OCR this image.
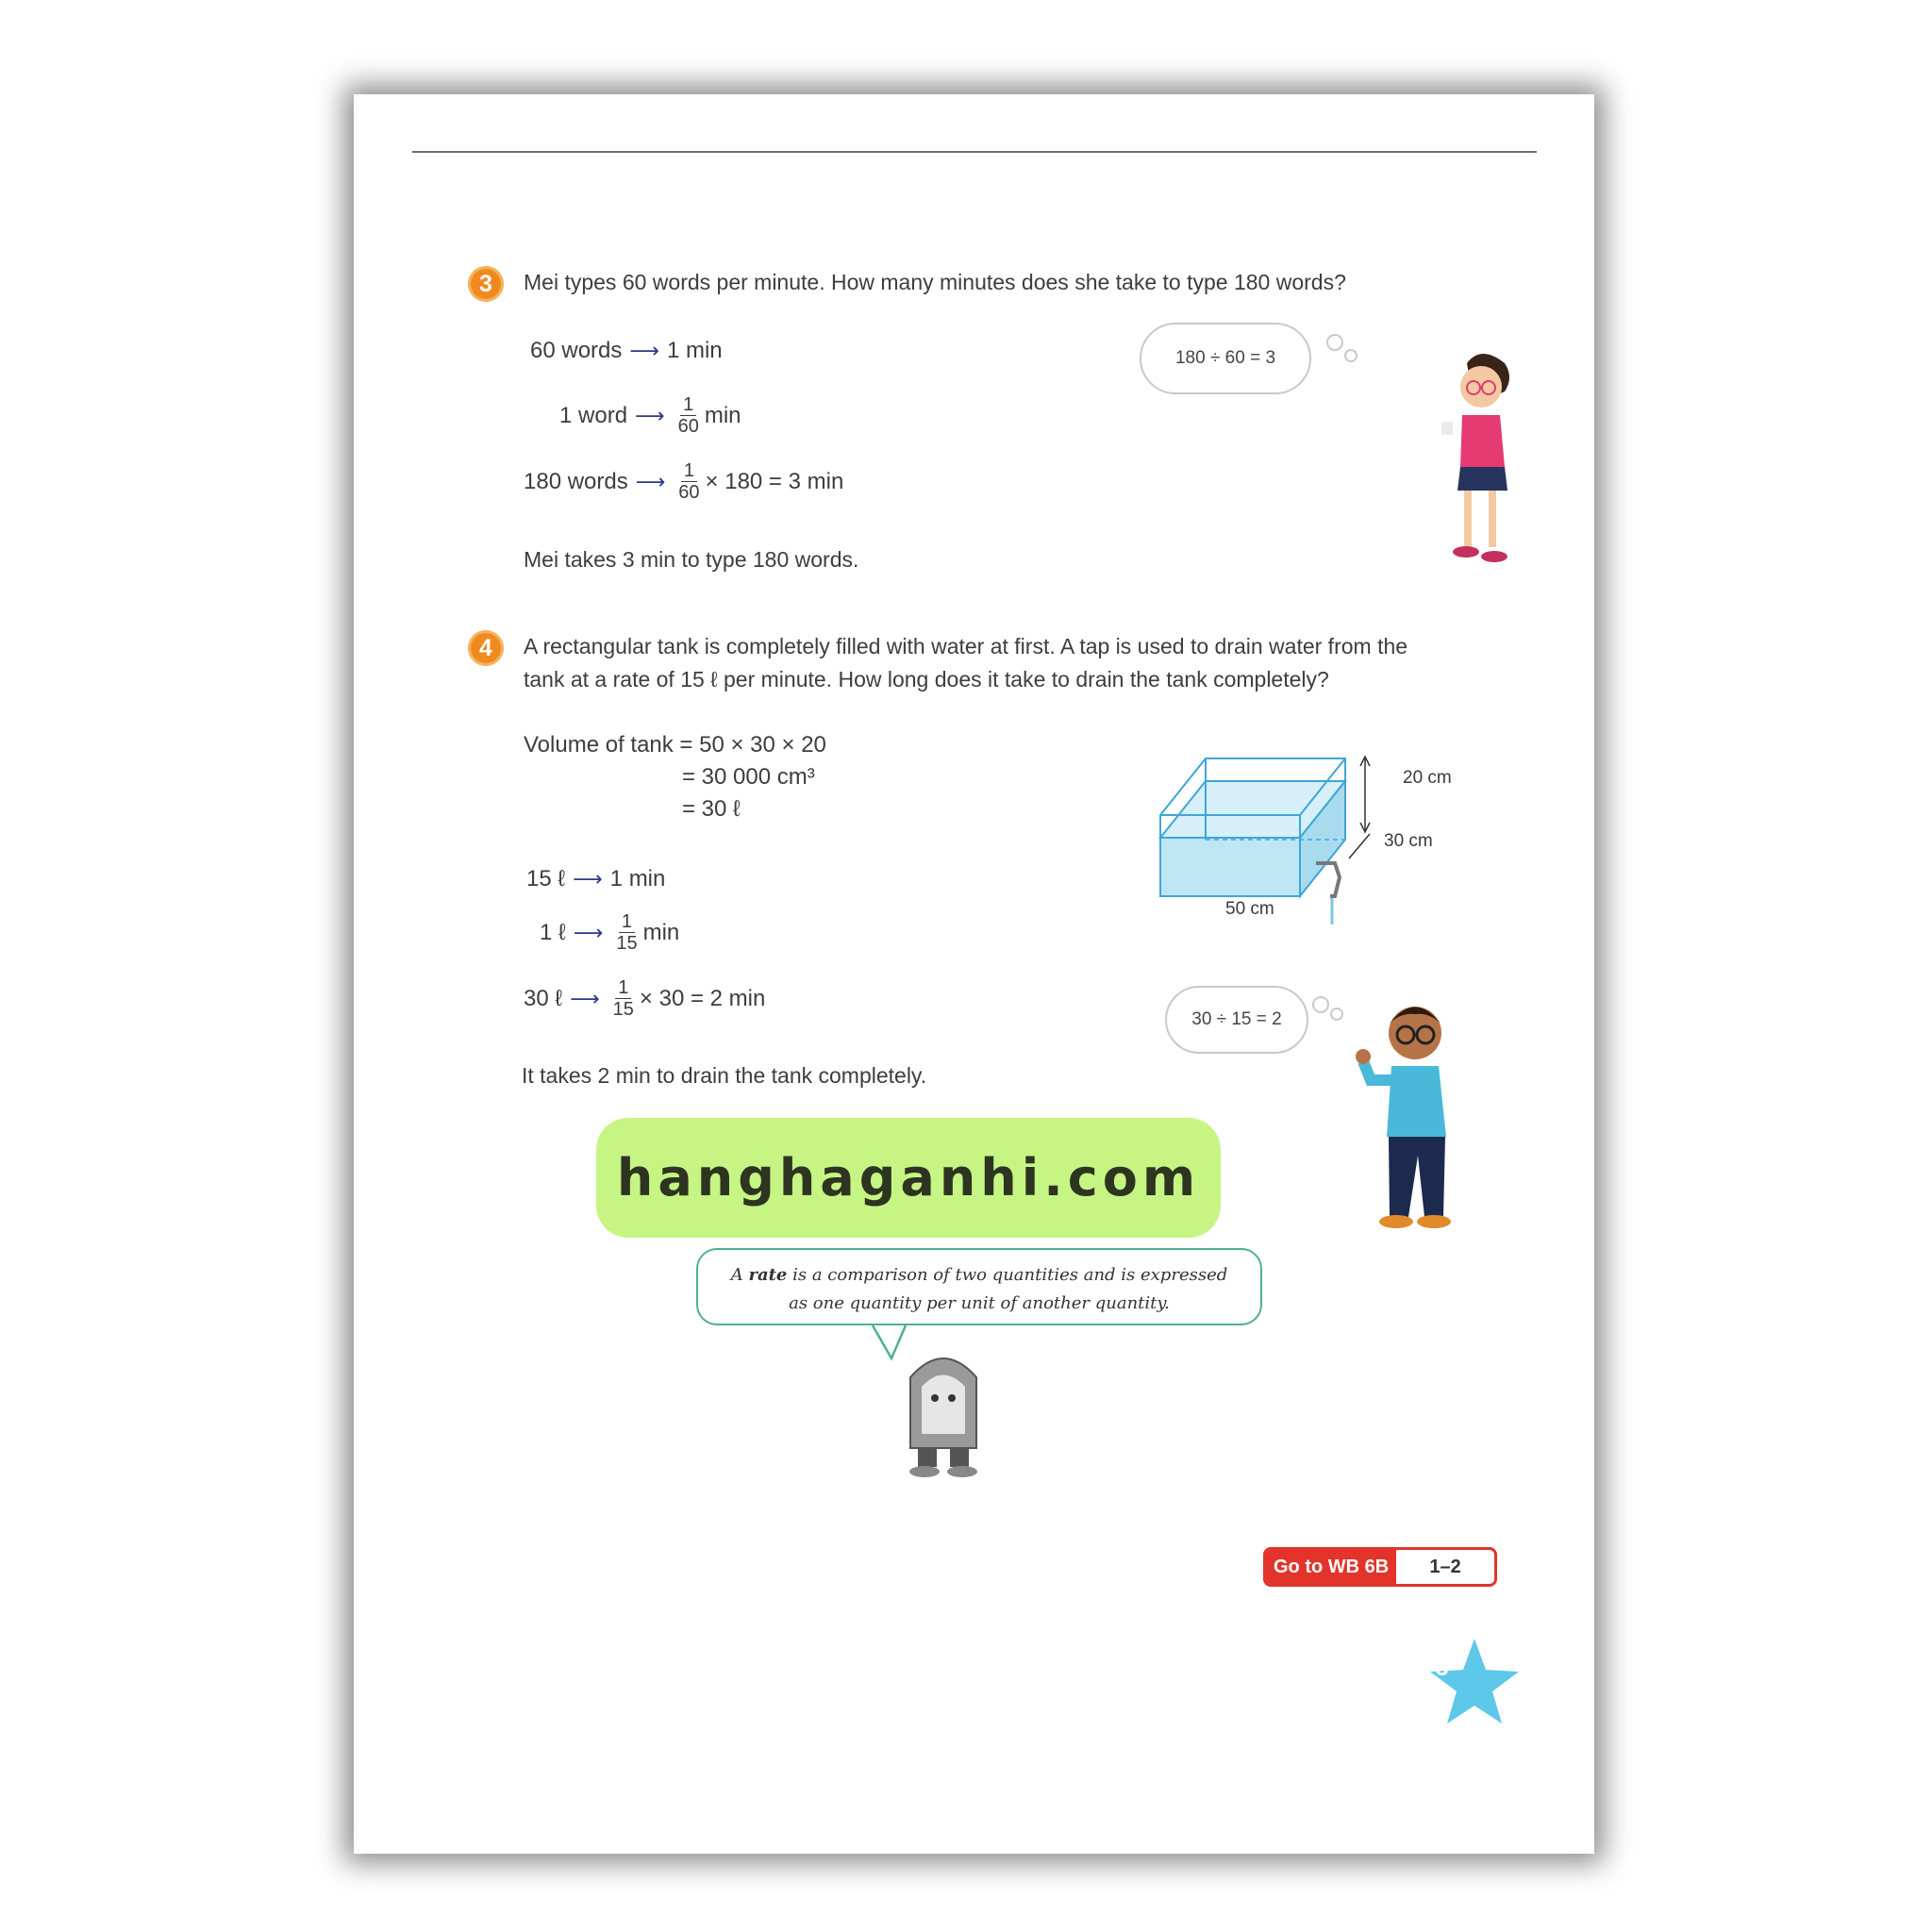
3	Mei types 60 words per minute. How many minutes does she take to type 180 words?
60 words ⟶ 1 min
1 word ⟶ $\frac{1}{60}$ min
180 words ⟶ $\frac{1}{60} \times 180 = 3$ min
Mei takes 3 min to type 180 words.
180 ÷ 60 = 3
4	A rectangular tank is completely filled with water at first. A tap is used to drain water from the
tank at a rate of 15 ℓ per minute. How long does it take to drain the tank completely?
Volume of tank = 50 × 30 × 20
= 30 000 cm³
= 30 ℓ
15 ℓ ⟶ 1 min
1 ℓ ⟶ $\frac{1}{15}$ min
30 ℓ ⟶ $\frac{1}{15} \times 30 = 2$ min
It takes 2 min to drain the tank completely.
20 cm
30 cm
50 cm
30 ÷ 15 = 2
hanghaganhi.com
A rate is a comparison of two quantities and is expressed
as one quantity per unit of another quantity.
Go to WB 6B	1–2
3
